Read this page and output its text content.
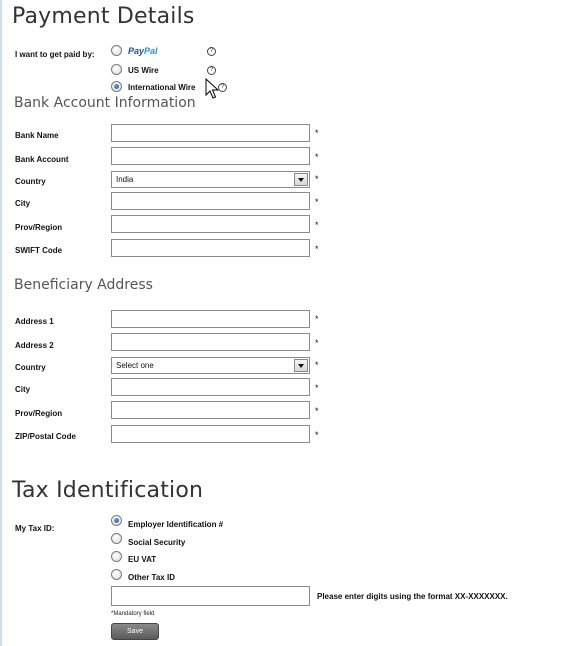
Payment Details
I want to get paid by:	PayPal	?
US Wire	?
International Wire	?
Bank Account Information
Bank Name	*
Bank Account	*
Country	India	*
City	*
Prov/Region	*
SWIFT Code	*
Beneficiary Address
Address 1	*
Address 2	*
Country	Select one	*
City	*
Prov/Region	*
ZIP/Postal Code	*
Tax Identification
My Tax ID:	Employer Identification #
Social Security
EU VAT
Other Tax ID
Please enter digits using the format XX-XXXXXXX.
*Mandatory field
Save
